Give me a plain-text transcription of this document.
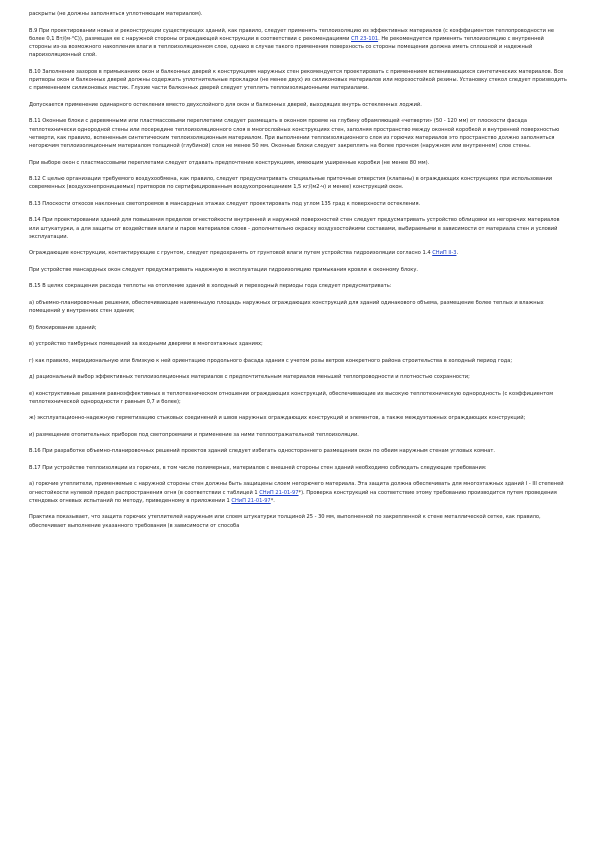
раскрыты (не должны заполняться уплотняющим материалом).

В.9 При проектировании новых и реконструкции существующих зданий, как правило, следует применять теплоизоляцию из эффективных материалов (с коэффициентом теплопроводности не более 0,1 Вт/(м·°С)), размещая ее с наружной стороны ограждающей конструкции в соответствии с рекомендациями СП 23-101. Не рекомендуется применять теплоизоляцию с внутренней стороны из-за возможного накопления влаги в теплоизоляционном слое, однако в случае такого применения поверхность со стороны помещения должна иметь сплошной и надежный пароизоляционный слой.

В.10 Заполнение зазоров в примыканиях окон и балконных дверей к конструкциям наружных стен рекомендуется проектировать с применением вспенивающихся синтетических материалов. Все притворы окон и балконных дверей должны содержать уплотнительные прокладки (не менее двух) из силиконовых материалов или морозостойкой резины. Установку стекол следует производить с применением силиконовых мастик. Глухие части балконных дверей следует утеплять теплоизоляционными материалами.

Допускается применение одинарного остекления вместо двухслойного для окон и балконных дверей, выходящих внутрь остекленных лоджий.

В.11 Оконные блоки с деревянными или пластмассовыми переплетами следует размещать в оконном проеме на глубину обрамляющей «четверти» (50 - 120 мм) от плоскости фасада теплотехнически однородной стены или посередине теплоизоляционного слоя в многослойных конструкциях стен, заполняя пространство между оконной коробкой и внутренней поверхностью четверти, как правило, вспененным синтетическим теплоизоляционным материалом. При выполнении теплоизоляционного слоя из горючих материалов это пространство должно заполняться негорючим теплоизоляционным материалом толщиной (глубиной) слоя не менее 50 мм. Оконные блоки следует закреплять на более прочном (наружном или внутреннем) слое стены.

При выборе окон с пластмассовыми переплетами следует отдавать предпочтение конструкциям, имеющим уширенные коробки (не менее 80 мм).

В.12 С целью организации требуемого воздухообмена, как правило, следует предусматривать специальные приточные отверстия (клапаны) в ограждающих конструкциях при использовании современных (воздухонепроницаемых) притворов по сертифицированным воздухопроницанием 1,5 кг/(м2·ч) и менее) конструкций окон.

В.13 Плоскости откосов наклонных светопроемов в мансардных этажах следует проектировать под углом 135 град к поверхности остекления.

В.14 При проектировании зданий для повышения пределов огнестойкости внутренней и наружной поверхностей стен следует предусматривать устройство облицовки из негорючих материалов или штукатурки, а для защиты от воздействия влаги и паров материалов слоев - дополнительно окраску воздухостойкими составами, выбираемыми в зависимости от материала стен и условий эксплуатации.

Ограждающие конструкции, контактирующие с грунтом, следует предохранять от грунтовой влаги путем устройства гидроизоляции согласно 1.4 СНиП II-3.

При устройстве мансардных окон следует предусматривать надежную в эксплуатации гидроизоляцию примыкания кровли к оконному блоку.

В.15 В целях сокращения расхода теплоты на отопление зданий в холодный и переходный периоды года следует предусматривать:

а) объемно-планировочные решения, обеспечивающие наименьшую площадь наружных ограждающих конструкций для зданий одинакового объема, размещение более теплых и влажных помещений у внутренних стен здания;

б) блокирование зданий;

в) устройство тамбурных помещений за входными дверями в многоэтажных зданиях;

г) как правило, меридиональную или близкую к ней ориентацию продольного фасада здания с учетом розы ветров конкретного района строительства в холодный период года;

д) рациональный выбор эффективных теплоизоляционных материалов с предпочтительным материалов меньшей теплопроводности и плотностью сохранности;

е) конструктивные решения равноэффективных в теплотехническом отношении ограждающих конструкций, обеспечивающие их высокую теплотехническую однородность (с коэффициентом теплотехнической однородности r равным 0,7 и более);

ж) эксплуатационно-надежную герметизацию стыковых соединений и швов наружных ограждающих конструкций и элементов, а также междуэтажных ограждающих конструкций;

и) размещение отопительных приборов под светопроемами и применение за ними теплоотражательной теплоизоляции.

В.16 При разработке объемно-планировочных решений проектов зданий следует избегать одностороннего размещения окон по обеим наружным стенам угловых комнат.

В.17 При устройстве теплоизоляции из горючих, в том числе полимерных, материалов с внешней стороны стен зданий необходимо соблюдать следующие требования:

а) горючие утеплители, применяемые с наружной стороны стен должны быть защищены слоем негорючего материала. Эта защита должна обеспечивать для многоэтажных зданий I - III степеней огнестойкости нулевой предел распространения огня (в соответствии с таблицей 1 СНиП 21-01-97*). Проверка конструкций на соответствие этому требованию производится путем проведения стендовых огневых испытаний по методу, приведенному в приложении 1 СНиП 21-01-97*.

Практика показывает, что защита горючих утеплителей наружным или слоем штукатурки толщиной 25 - 30 мм, выполненной по закрепленной к стене металлической сетке, как правило, обеспечивает выполнение указанного требования (в зависимости от способа
